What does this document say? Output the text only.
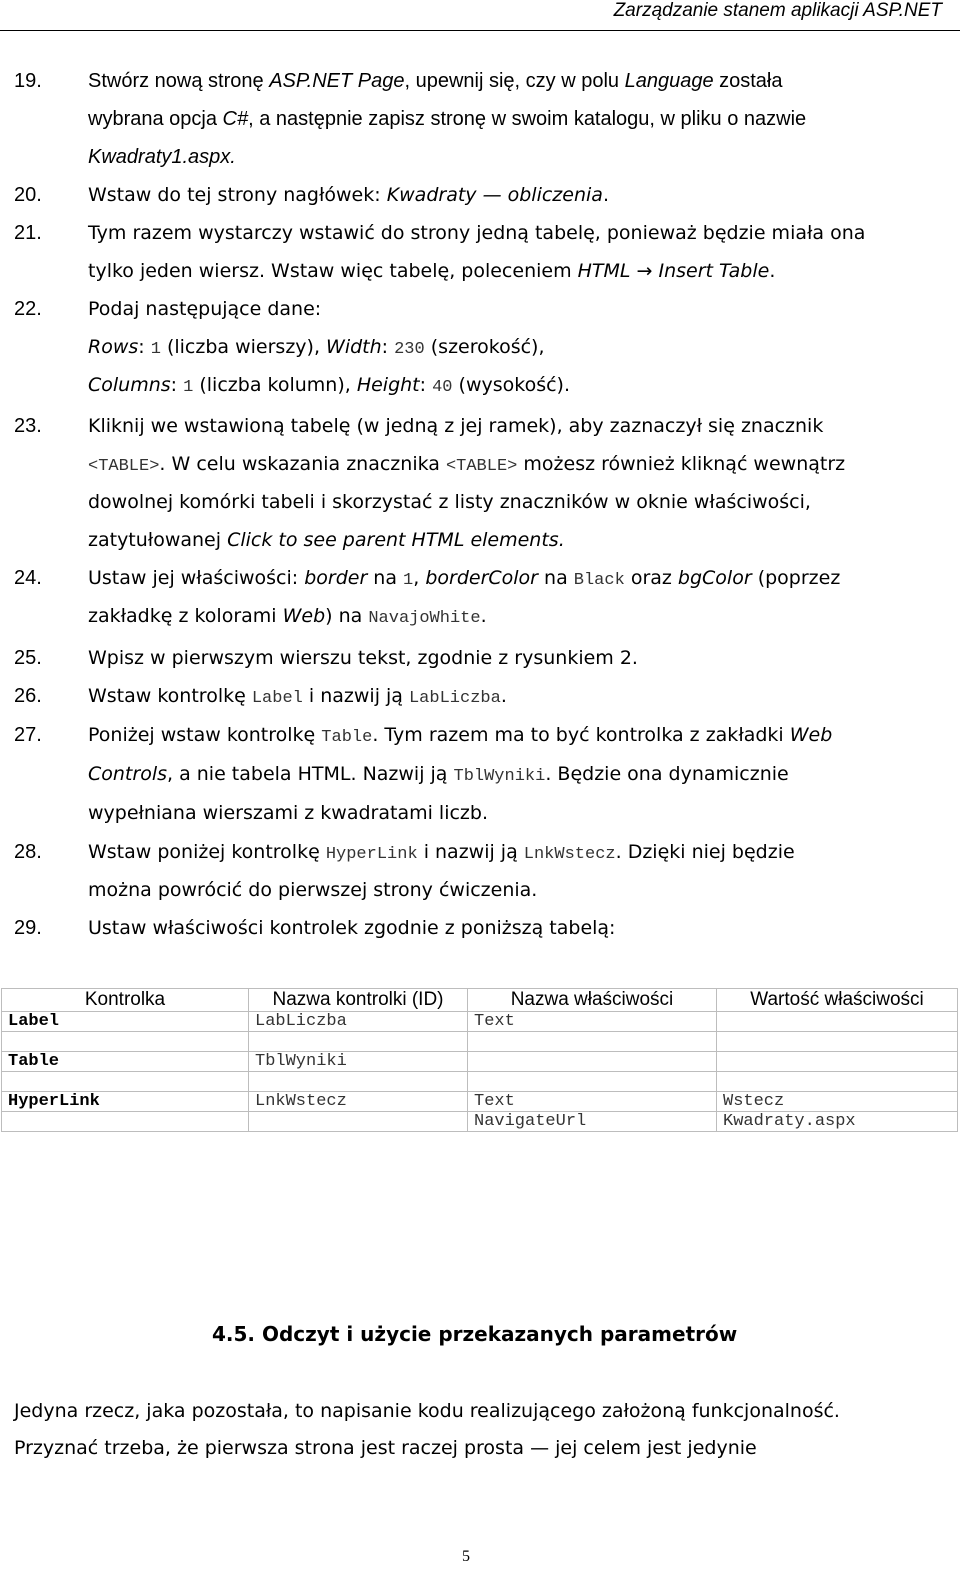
Zarządzanie stanem aplikacji ASP.NET
19. Stwórz nową stronę ASP.NET Page, upewnij się, czy w polu Language została
wybrana opcja C#, a następnie zapisz stronę w swoim katalogu, w pliku o nazwie
Kwadraty1.aspx.
20. Wstaw do tej strony nagłówek: Kwadraty — obliczenia.
21. Tym razem wystarczy wstawić do strony jedną tabelę, ponieważ będzie miała ona
tylko jeden wiersz. Wstaw więc tabelę, poleceniem HTML → Insert Table.
22. Podaj następujące dane:
Rows: 1 (liczba wierszy), Width: 230 (szerokość),
Columns: 1 (liczba kolumn), Height: 40 (wysokość).
23. Kliknij we wstawioną tabelę (w jedną z jej ramek), aby zaznaczył się znacznik
<TABLE>. W celu wskazania znacznika <TABLE> możesz również kliknąć wewnątrz
dowolnej komórki tabeli i skorzystać z listy znaczników w oknie właściwości,
zatytułowanej Click to see parent HTML elements.
24. Ustaw jej właściwości: border na 1, borderColor na Black oraz bgColor (poprzez
zakładkę z kolorami Web) na NavajoWhite.
25. Wpisz w pierwszym wierszu tekst, zgodnie z rysunkiem 2.
26. Wstaw kontrolkę Label i nazwij ją LabLiczba.
27. Poniżej wstaw kontrolkę Table. Tym razem ma to być kontrolka z zakładki Web
Controls, a nie tabela HTML. Nazwij ją TblWyniki. Będzie ona dynamicznie
wypełniana wierszami z kwadratami liczb.
28. Wstaw poniżej kontrolkę HyperLink i nazwij ją LnkWstecz. Dzięki niej będzie
można powrócić do pierwszej strony ćwiczenia.
29. Ustaw właściwości kontrolek zgodnie z poniższą tabelą:
Kontrolka	Nazwa kontrolki (ID)	Nazwa właściwości	Wartość właściwości
Label	LabLiczba	Text	

Table	TblWyniki		

HyperLink	LnkWstecz	Text	Wstecz
		NavigateUrl	Kwadraty.aspx
4.5. Odczyt i użycie przekazanych parametrów
Jedyna rzecz, jaka pozostała, to napisanie kodu realizującego założoną funkcjonalność.
Przyznać trzeba, że pierwsza strona jest raczej prosta — jej celem jest jedynie
5
